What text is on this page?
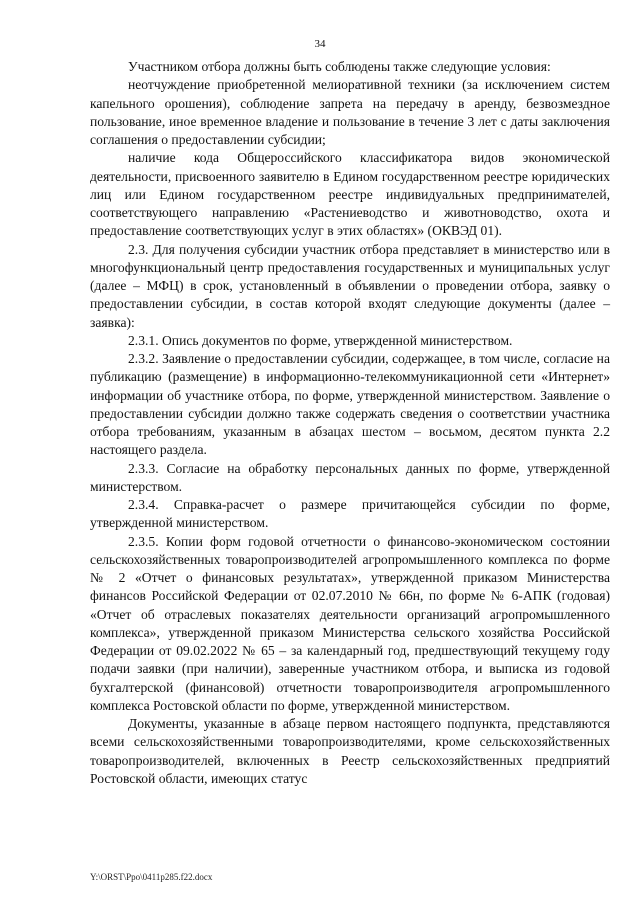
34

Участником отбора должны быть соблюдены также следующие условия:

неотчуждение приобретенной мелиоративной техники (за исключением систем капельного орошения), соблюдение запрета на передачу в аренду, безвозмездное пользование, иное временное владение и пользование в течение 3 лет с даты заключения соглашения о предоставлении субсидии;

наличие кода Общероссийского классификатора видов экономической деятельности, присвоенного заявителю в Едином государственном реестре юридических лиц или Едином государственном реестре индивидуальных предпринимателей, соответствующего направлению «Растениеводство и животноводство, охота и предоставление соответствующих услуг в этих областях» (ОКВЭД 01).

2.3. Для получения субсидии участник отбора представляет в министерство или в многофункциональный центр предоставления государственных и муниципальных услуг (далее – МФЦ) в срок, установленный в объявлении о проведении отбора, заявку о предоставлении субсидии, в состав которой входят следующие документы (далее – заявка):

2.3.1. Опись документов по форме, утвержденной министерством.

2.3.2. Заявление о предоставлении субсидии, содержащее, в том числе, согласие на публикацию (размещение) в информационно-телекоммуникационной сети «Интернет» информации об участнике отбора, по форме, утвержденной министерством. Заявление о предоставлении субсидии должно также содержать сведения о соответствии участника отбора требованиям, указанным в абзацах шестом – восьмом, десятом пункта 2.2 настоящего раздела.

2.3.3. Согласие на обработку персональных данных по форме, утвержденной министерством.

2.3.4. Справка-расчет о размере причитающейся субсидии по форме, утвержденной министерством.

2.3.5. Копии форм годовой отчетности о финансово-экономическом состоянии сельскохозяйственных товаропроизводителей агропромышленного комплекса по форме № 2 «Отчет о финансовых результатах», утвержденной приказом Министерства финансов Российской Федерации от 02.07.2010 № 66н, по форме № 6-АПК (годовая) «Отчет об отраслевых показателях деятельности организаций агропромышленного комплекса», утвержденной приказом Министерства сельского хозяйства Российской Федерации от 09.02.2022 № 65 – за календарный год, предшествующий текущему году подачи заявки (при наличии), заверенные участником отбора, и выписка из годовой бухгалтерской (финансовой) отчетности товаропроизводителя агропромышленного комплекса Ростовской области по форме, утвержденной министерством.

Документы, указанные в абзаце первом настоящего подпункта, представляются всеми сельскохозяйственными товаропроизводителями, кроме сельскохозяйственных товаропроизводителей, включенных в Реестр сельскохозяйственных предприятий Ростовской области, имеющих статус

Y:\ORST\Ppo\0411p285.f22.docx
